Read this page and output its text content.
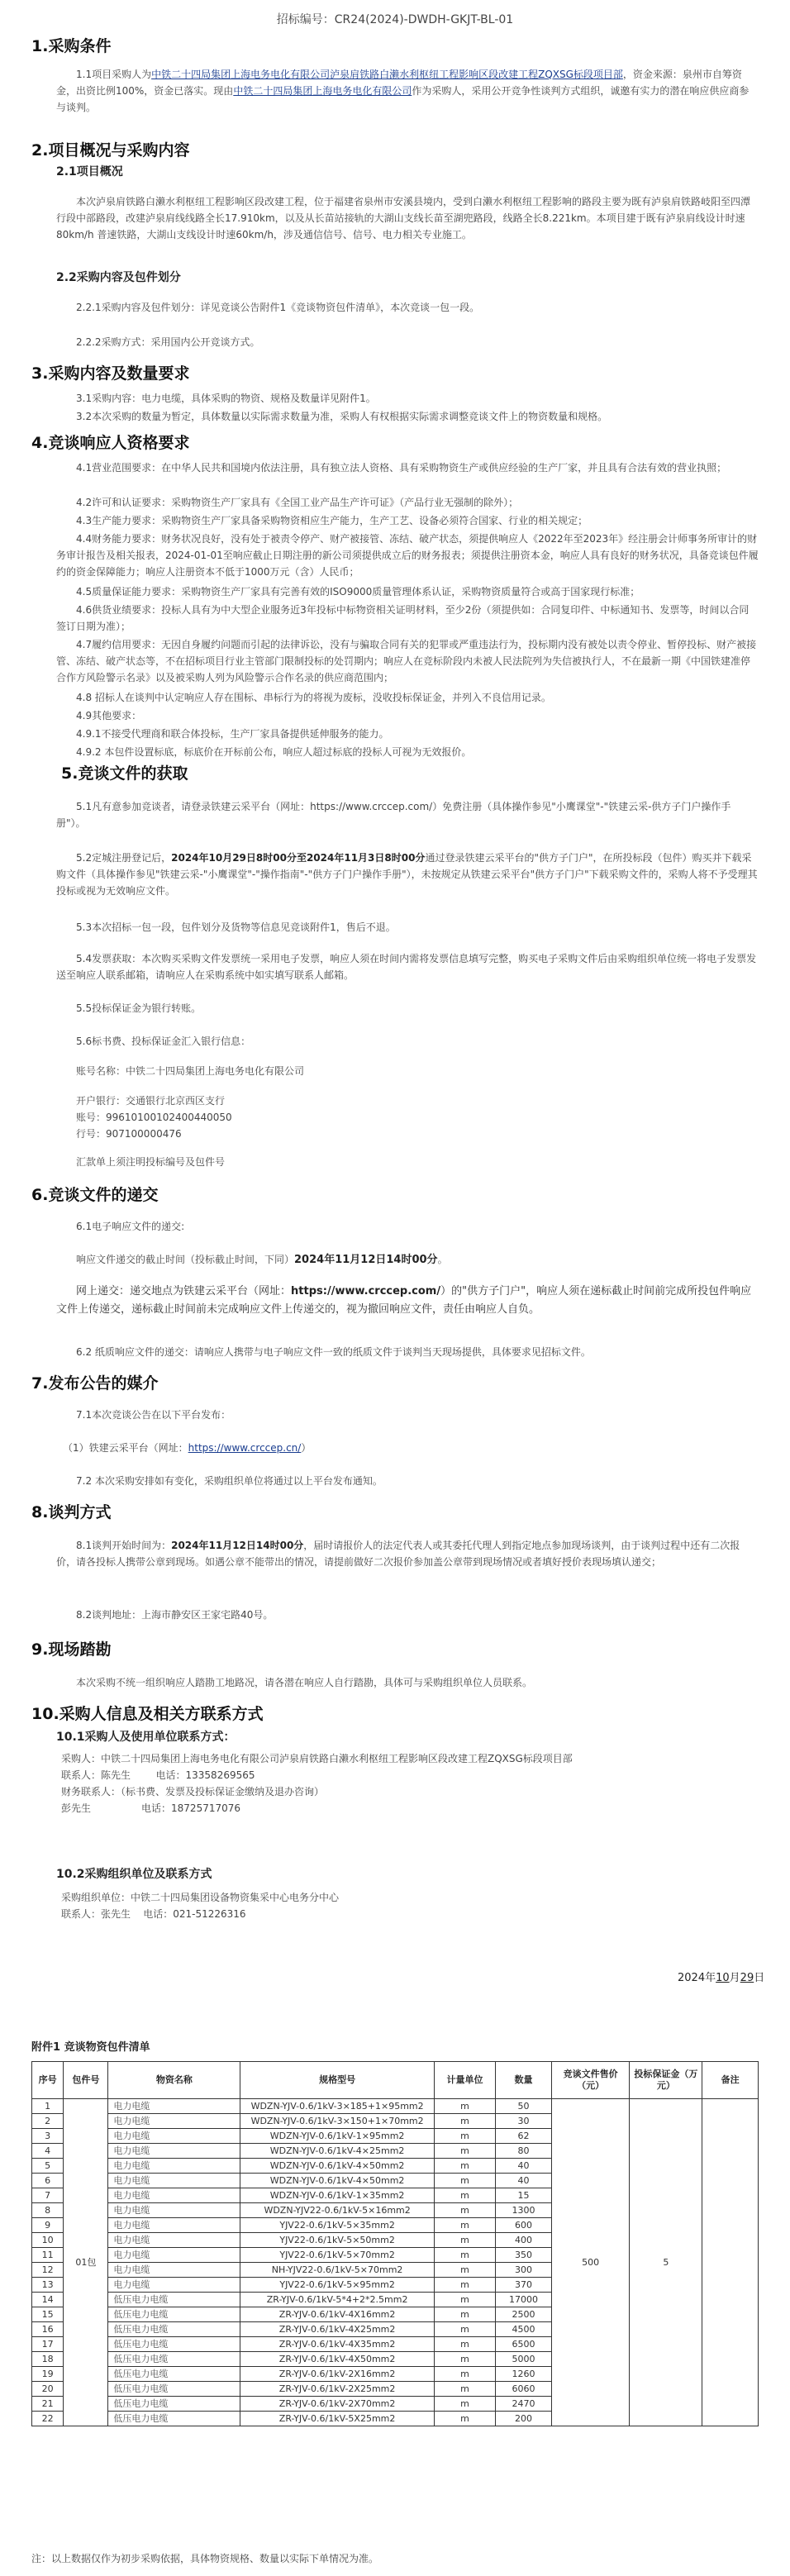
招标编号：CR24(2024)-DWDH-GKJT-BL-01
1.采购条件
1.1项目采购人为中铁二十四局集团上海电务电化有限公司泸泉肩铁路白濑水利枢纽工程影响区段改建工程ZQXSG标段项目部，资金来源：泉州市自筹资金，出资比例100%，资金已落实。现由中铁二十四局集团上海电务电化有限公司作为采购人，采用公开竞争性谈判方式组织，诚邀有实力的潜在响应供应商参与谈判。
2.项目概况与采购内容
2.1项目概况
本次泸泉肩铁路白濑水利枢纽工程影响区段改建工程，位于福建省泉州市安溪县境内，受到白濑水利枢纽工程影响的路段主要为既有泸泉肩铁路岐阳至四潭行段中部路段，改建泸泉肩线线路全长17.910km，以及从长苗站接轨的大湖山支线长苗至湖兜路段，线路全长8.221km。本项目建于既有泸泉肩线设计时速 80km/h 普速铁路，大湖山支线设计时速60km/h，涉及通信信号、信号、电力相关专业施工。
2.2采购内容及包件划分
2.2.1采购内容及包件划分：详见竞谈公告附件1《竞谈物资包件清单》，本次竞谈一包一段。
2.2.2采购方式：采用国内公开竞谈方式。
3.采购内容及数量要求
3.1采购内容：电力电缆，具体采购的物资、规格及数量详见附件1。
3.2本次采购的数量为暂定，具体数量以实际需求数量为准，采购人有权根据实际需求调整竞谈文件上的物资数量和规格。
4.竞谈响应人资格要求
4.1营业范围要求：在中华人民共和国境内依法注册，具有独立法人资格、具有采购物资生产或供应经验的生产厂家，并且具有合法有效的营业执照；
4.2许可和认证要求：采购物资生产厂家具有《全国工业产品生产许可证》（产品行业无强制的除外）；
4.3生产能力要求：采购物资生产厂家具备采购物资相应生产能力，生产工艺、设备必须符合国家、行业的相关规定；
4.4财务能力要求：财务状况良好，没有处于被责令停产、财产被接管、冻结、破产状态，须提供响应人《2022年至2023年》经注册会计师事务所审计的财务审计报告及相关报表，2024-01-01至响应截止日期注册的新公司须提供成立后的财务报表；须提供注册资本金，响应人具有良好的财务状况，具备竞谈包件履约的资金保障能力；响应人注册资本不低于1000万元（含）人民币；
4.5质量保证能力要求：采购物资生产厂家具有完善有效的ISO9000质量管理体系认证，采购物资质量符合或高于国家现行标准；
4.6供货业绩要求：投标人具有为中大型企业服务近3年投标中标物资相关证明材料，至少2份（须提供如：合同复印件、中标通知书、发票等，时间以合同签订日期为准）；
4.7履约信用要求：无因自身履约问题而引起的法律诉讼，没有与骗取合同有关的犯罪或严重违法行为，投标期内没有被处以责令停业、暂停投标、财产被接管、冻结、破产状态等，不在招标项目行业主管部门限制投标的处罚期内；响应人在竞标阶段内未被人民法院列为失信被执行人，不在最新一期《中国铁建准停合作方风险警示名录》以及被采购人列为风险警示合作名录的供应商范围内；
4.8 招标人在谈判中认定响应人存在围标、串标行为的将视为废标，没收投标保证金，并列入不良信用记录。
4.9其他要求：
4.9.1不接受代理商和联合体投标，生产厂家具备提供延伸服务的能力。
4.9.2 本包件设置标底，标底价在开标前公布，响应人超过标底的投标人可视为无效报价。
5.竞谈文件的获取
5.1凡有意参加竞谈者，请登录铁建云采平台（网址：https://www.crccep.com/）免费注册（具体操作参见"小鹰课堂"-"铁建云采-供方子门户操作手册"）。
5.2定城注册登记后，2024年10月29日8时00分至2024年11月3日8时00分通过登录铁建云采平台的"供方子门户"，在所投标段（包件）购买并下载采购文件（具体操作参见"铁建云采-"小鹰课堂"-"操作指南"-"供方子门户操作手册"），未按规定从铁建云采平台"供方子门户"下载采购文件的，采购人将不予受理其投标或视为无效响应文件。
5.3本次招标一包一段，包件划分及货物等信息见竞谈附件1，售后不退。
5.4发票获取：本次购买采购文件发票统一采用电子发票，响应人须在时间内需将发票信息填写完整，购买电子采购文件后由采购组织单位统一将电子发票发送至响应人联系邮箱，请响应人在采购系统中如实填写联系人邮箱。
5.5投标保证金为银行转账。
5.6标书费、投标保证金汇入银行信息：
账号名称：中铁二十四局集团上海电务电化有限公司
开户银行：交通银行北京西区支行
账号：996101001024004400​50
行号：907100000476
汇款单上须注明投标编号及包件号
6.竞谈文件的递交
6.1电子响应文件的递交:
响应文件递交的截止时间（投标截止时间，下同）2024年11月12日14时00分。
网上递交：递交地点为铁建云采平台（网址：https://www.crccep.com/）的"供方子门户"，响应人须在递标截止时间前完成所投包件响应文件上传递交，递标截止时间前未完成响应文件上传递交的，视为撤回响应文件，责任由响应人自负。
6.2 纸质响应文件的递交：请响应人携带与电子响应文件一致的纸质文件于谈判当天现场提供，具体要求见招标文件。
7.发布公告的媒介
7.1本次竞谈公告在以下平台发布：
（1）铁建云采平台（网址：https://www.crccep.cn/）
7.2 本次采购安排如有变化，采购组织单位将通过以上平台发布通知。
8.谈判方式
8.1谈判开始时间为：2024年11月12日14时00分，届时请报价人的法定代表人或其委托代理人到指定地点参加现场谈判，由于谈判过程中还有二次报价，请各投标人携带公章到现场。如遇公章不能带出的情况，请提前做好二次报价参加盖公章带到现场情况或者填好授价表现场填认递交；
8.2谈判地址：上海市静安区王家宅路40号。
9.现场踏勘
本次采购不统一组织响应人踏勘工地路况，请各潜在响应人自行踏勘，具体可与采购组织单位人员联系。
10.采购人信息及相关方联系方式
10.1采购人及使用单位联系方式：
采购人：中铁二十四局集团上海电务电化有限公司泸泉肩铁路白濑水利枢纽工程影响区段改建工程ZQXSG标段项目部
联系人：陈先生        电话：13358269565
财务联系人：（标书费、发票及投标保证金缴纳及退办咨询）
彭先生                电话：18725717076
10.2采购组织单位及联系方式
采购组织单位：中铁二十四局集团设备物资集采中心电务分中心
联系人：张先生    电话：021-51226316
2024年10月29日
附件1 竞谈物资包件清单
序号	包件号	物资名称	规格型号	计量单位	数量	竞谈文件售价（元）	投标保证金（万元）	备注
1	01包	电力电缆	WDZN-YJV-0.6/1kV-3×185+1×95mm2	m	50	500	5	
2		电力电缆	WDZN-YJV-0.6/1kV-3×150+1×70mm2	m	30			
3		电力电缆	WDZN-YJV-0.6/1kV-1×95mm2	m	62			
4		电力电缆	WDZN-YJV-0.6/1kV-4×25mm2	m	80			
5		电力电缆	WDZN-YJV-0.6/1kV-4×50mm2	m	40			
6		电力电缆	WDZN-YJV-0.6/1kV-4×50mm2	m	40			
7		电力电缆	WDZN-YJV-0.6/1kV-1×35mm2	m	15			
8		电力电缆	WDZN-YJV22-0.6/1kV-5×16mm2	m	1300			
9		电力电缆	YJV22-0.6/1kV-5×35mm2	m	600			
10		电力电缆	YJV22-0.6/1kV-5×50mm2	m	400			
11		电力电缆	YJV22-0.6/1kV-5×70mm2	m	350			
12		电力电缆	NH-YJV22-0.6/1kV-5×70mm2	m	300			
13		电力电缆	YJV22-0.6/1kV-5×95mm2	m	370			
14		低压电力电缆	ZR-YJV-0.6/1kV-5*4+2*2.5mm2	m	17000			
15		低压电力电缆	ZR-YJV-0.6/1kV-4X16mm2	m	2500			
16		低压电力电缆	ZR-YJV-0.6/1kV-4X25mm2	m	4500			
17		低压电力电缆	ZR-YJV-0.6/1kV-4X35mm2	m	6500			
18		低压电力电缆	ZR-YJV-0.6/1kV-4X50mm2	m	5000			
19		低压电力电缆	ZR-YJV-0.6/1kV-2X16mm2	m	1260			
20		低压电力电缆	ZR-YJV-0.6/1kV-2X25mm2	m	6060			
21		低压电力电缆	ZR-YJV-0.6/1kV-2X70mm2	m	2470			
22		低压电力电缆	ZR-YJV-0.6/1kV-5X25mm2	m	200			
注：以上数据仅作为初步采购依据，具体物资规格、数量以实际下单情况为准。
